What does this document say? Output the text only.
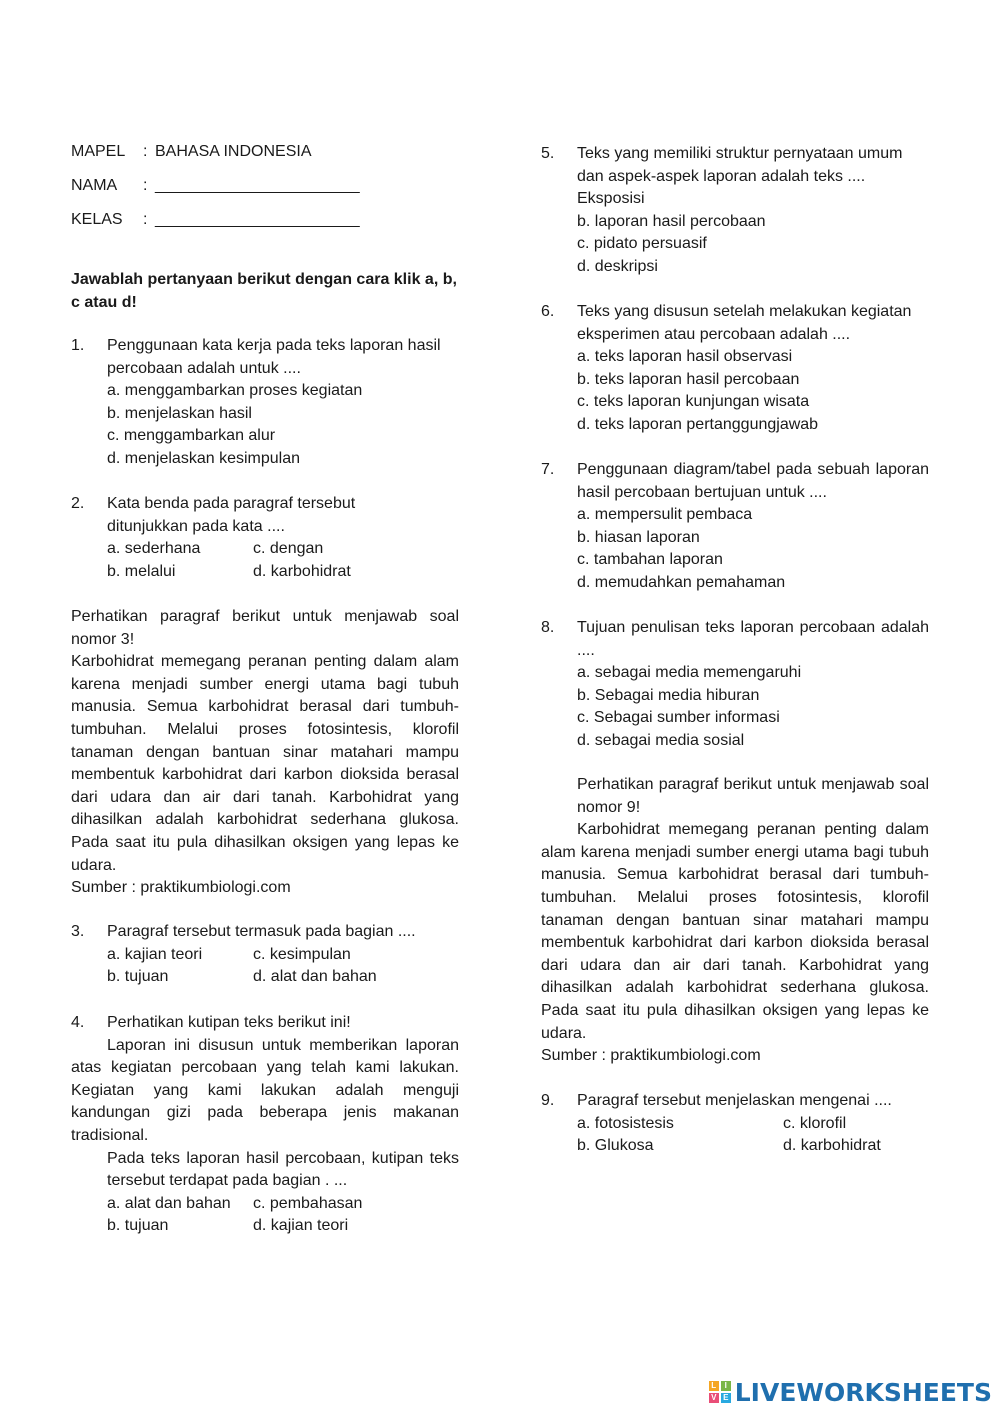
MAPEL : BAHASA INDONESIA
NAMA : _______________________
KELAS : _______________________
Jawablah pertanyaan berikut dengan cara klik a, b, c atau d!
1. Penggunaan kata kerja pada teks laporan hasil percobaan adalah untuk ....
a. menggambarkan proses kegiatan
b. menjelaskan hasil
c. menggambarkan alur
d. menjelaskan kesimpulan
2. Kata benda pada paragraf tersebut ditunjukkan pada kata ....
a. sederhana	c. dengan
b. melalui	d. karbohidrat
Perhatikan paragraf berikut untuk menjawab soal nomor 3!
Karbohidrat memegang peranan penting dalam alam karena menjadi sumber energi utama bagi tubuh manusia. Semua karbohidrat berasal dari tumbuh-tumbuhan. Melalui proses fotosintesis, klorofil tanaman dengan bantuan sinar matahari mampu membentuk karbohidrat dari karbon dioksida berasal dari udara dan air dari tanah. Karbohidrat yang dihasilkan adalah karbohidrat sederhana glukosa. Pada saat itu pula dihasilkan oksigen yang lepas ke udara.
Sumber : praktikumbiologi.com
3. Paragraf tersebut termasuk pada bagian ....
a. kajian teori	c. kesimpulan
b. tujuan	d. alat dan bahan
4. Perhatikan kutipan teks berikut ini!
Laporan ini disusun untuk memberikan laporan atas kegiatan percobaan yang telah kami lakukan. Kegiatan yang kami lakukan adalah menguji kandungan gizi pada beberapa jenis makanan tradisional.
Pada teks laporan hasil percobaan, kutipan teks tersebut terdapat pada bagian . ...
a. alat dan bahan	c. pembahasan
b. tujuan	d. kajian teori
5. Teks yang memiliki struktur pernyataan umum dan aspek-aspek laporan adalah teks ....
Eksposisi
b. laporan hasil percobaan
c. pidato persuasif
d. deskripsi
6. Teks yang disusun setelah melakukan kegiatan eksperimen atau percobaan adalah ....
a. teks laporan hasil observasi
b. teks laporan hasil percobaan
c. teks laporan kunjungan wisata
d. teks laporan pertanggungjawab
7. Penggunaan diagram/tabel pada sebuah laporan hasil percobaan bertujuan untuk ....
a. mempersulit pembaca
b. hiasan laporan
c. tambahan laporan
d. memudahkan pemahaman
8. Tujuan penulisan teks laporan percobaan adalah ....
a. sebagai media memengaruhi
b. Sebagai media hiburan
c. Sebagai sumber informasi
d. sebagai media sosial
Perhatikan paragraf berikut untuk menjawab soal nomor 9!
Karbohidrat memegang peranan penting dalam alam karena menjadi sumber energi utama bagi tubuh manusia. Semua karbohidrat berasal dari tumbuh-tumbuhan. Melalui proses fotosintesis, klorofil tanaman dengan bantuan sinar matahari mampu membentuk karbohidrat dari karbon dioksida berasal dari udara dan air dari tanah. Karbohidrat yang dihasilkan adalah karbohidrat sederhana glukosa. Pada saat itu pula dihasilkan oksigen yang lepas ke udara.
Sumber : praktikumbiologi.com
9. Paragraf tersebut menjelaskan mengenai ....
a. fotosistesis	c. klorofil
b. Glukosa	d. karbohidrat
L	I
V E LIVEWORKSHEETS
